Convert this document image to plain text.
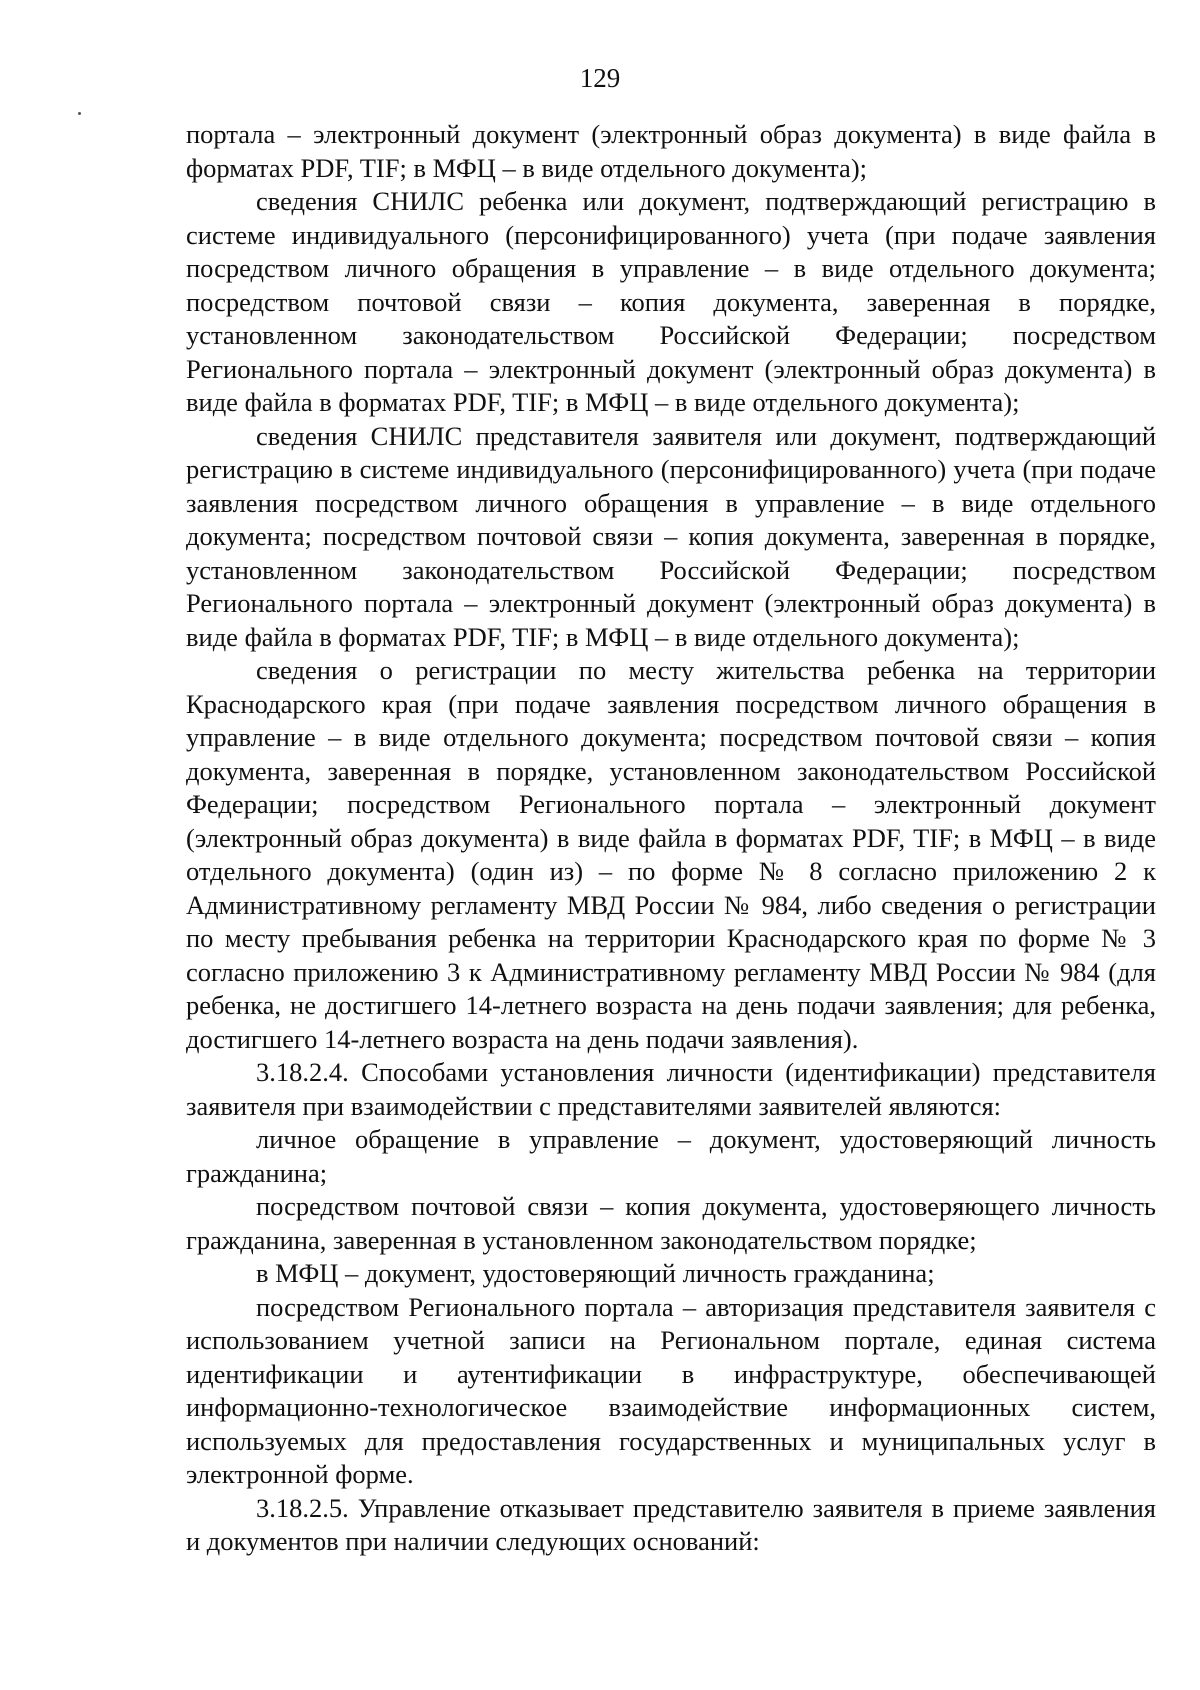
129

портала – электронный документ (электронный образ документа) в виде файла в форматах PDF, TIF; в МФЦ – в виде отдельного документа);

сведения СНИЛС ребенка или документ, подтверждающий регистрацию в системе индивидуального (персонифицированного) учета (при подаче заявления посредством личного обращения в управление – в виде отдельного документа; посредством почтовой связи – копия документа, заверенная в порядке, установленном законодательством Российской Федерации; посредством Регионального портала – электронный документ (электронный образ документа) в виде файла в форматах PDF, TIF; в МФЦ – в виде отдельного документа);

сведения СНИЛС представителя заявителя или документ, подтверждающий регистрацию в системе индивидуального (персонифицированного) учета (при подаче заявления посредством личного обращения в управление – в виде отдельного документа; посредством почтовой связи – копия документа, заверенная в порядке, установленном законодательством Российской Федерации; посредством Регионального портала – электронный документ (электронный образ документа) в виде файла в форматах PDF, TIF; в МФЦ – в виде отдельного документа);

сведения о регистрации по месту жительства ребенка на территории Краснодарского края (при подаче заявления посредством личного обращения в управление – в виде отдельного документа; посредством почтовой связи – копия документа, заверенная в порядке, установленном законодательством Российской Федерации; посредством Регионального портала – электронный документ (электронный образ документа) в виде файла в форматах PDF, TIF; в МФЦ – в виде отдельного документа) (один из) – по форме № 8 согласно приложению 2 к Административному регламенту МВД России № 984, либо сведения о регистрации по месту пребывания ребенка на территории Краснодарского края по форме № 3 согласно приложению 3 к Административному регламенту МВД России № 984 (для ребенка, не достигшего 14-летнего возраста на день подачи заявления; для ребенка, достигшего 14-летнего возраста на день подачи заявления).

3.18.2.4. Способами установления личности (идентификации) представителя заявителя при взаимодействии с представителями заявителей являются:

личное обращение в управление – документ, удостоверяющий личность гражданина;

посредством почтовой связи – копия документа, удостоверяющего личность гражданина, заверенная в установленном законодательством порядке;

в МФЦ – документ, удостоверяющий личность гражданина;

посредством Регионального портала – авторизация представителя заявителя с использованием учетной записи на Региональном портале, единая система идентификации и аутентификации в инфраструктуре, обеспечивающей информационно-технологическое взаимодействие информационных систем, используемых для предоставления государственных и муниципальных услуг в электронной форме.

3.18.2.5. Управление отказывает представителю заявителя в приеме заявления и документов при наличии следующих оснований:
